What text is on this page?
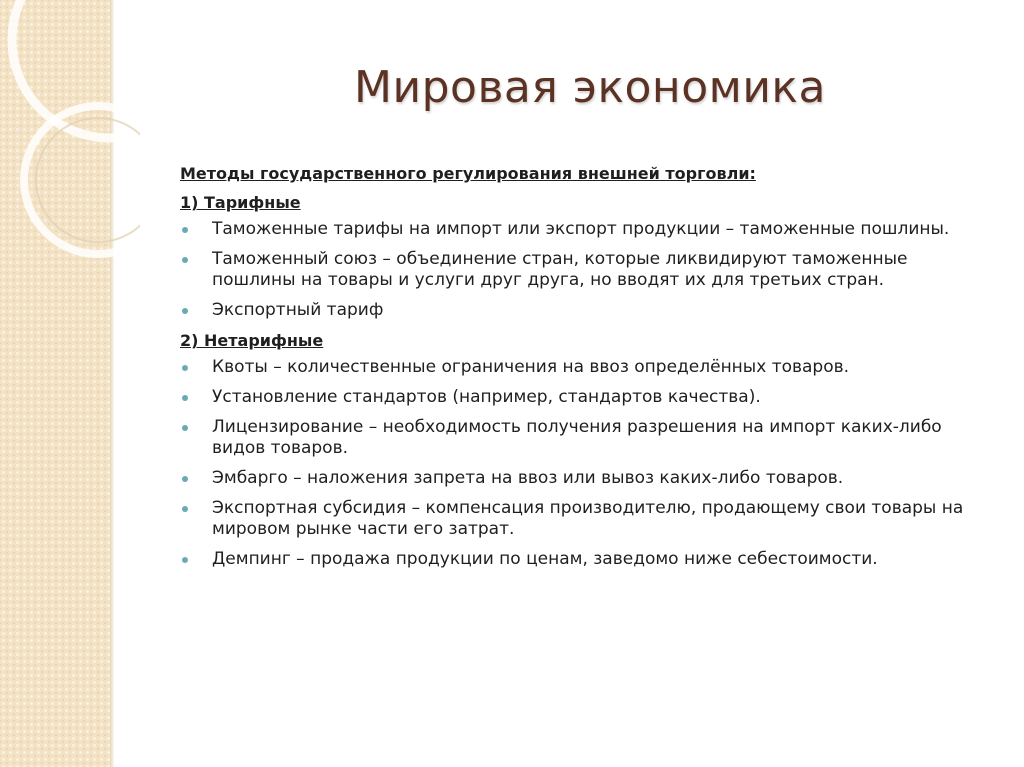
Мировая экономика
Методы государственного регулирования внешней торговли:
1) Тарифные
Таможенные тарифы на импорт или экспорт продукции – таможенные пошлины.
Таможенный союз – объединение стран, которые ликвидируют таможенные пошлины на товары и услуги друг друга, но вводят их для третьих стран.
Экспортный тариф
2) Нетарифные
Квоты – количественные ограничения на ввоз определённых товаров.
Установление стандартов (например, стандартов качества).
Лицензирование – необходимость получения разрешения на импорт каких-либо видов товаров.
Эмбарго – наложения запрета на ввоз или вывоз каких-либо товаров.
Экспортная субсидия – компенсация производителю, продающему свои товары на мировом рынке части его затрат.
Демпинг – продажа продукции по ценам, заведомо ниже себестоимости.
